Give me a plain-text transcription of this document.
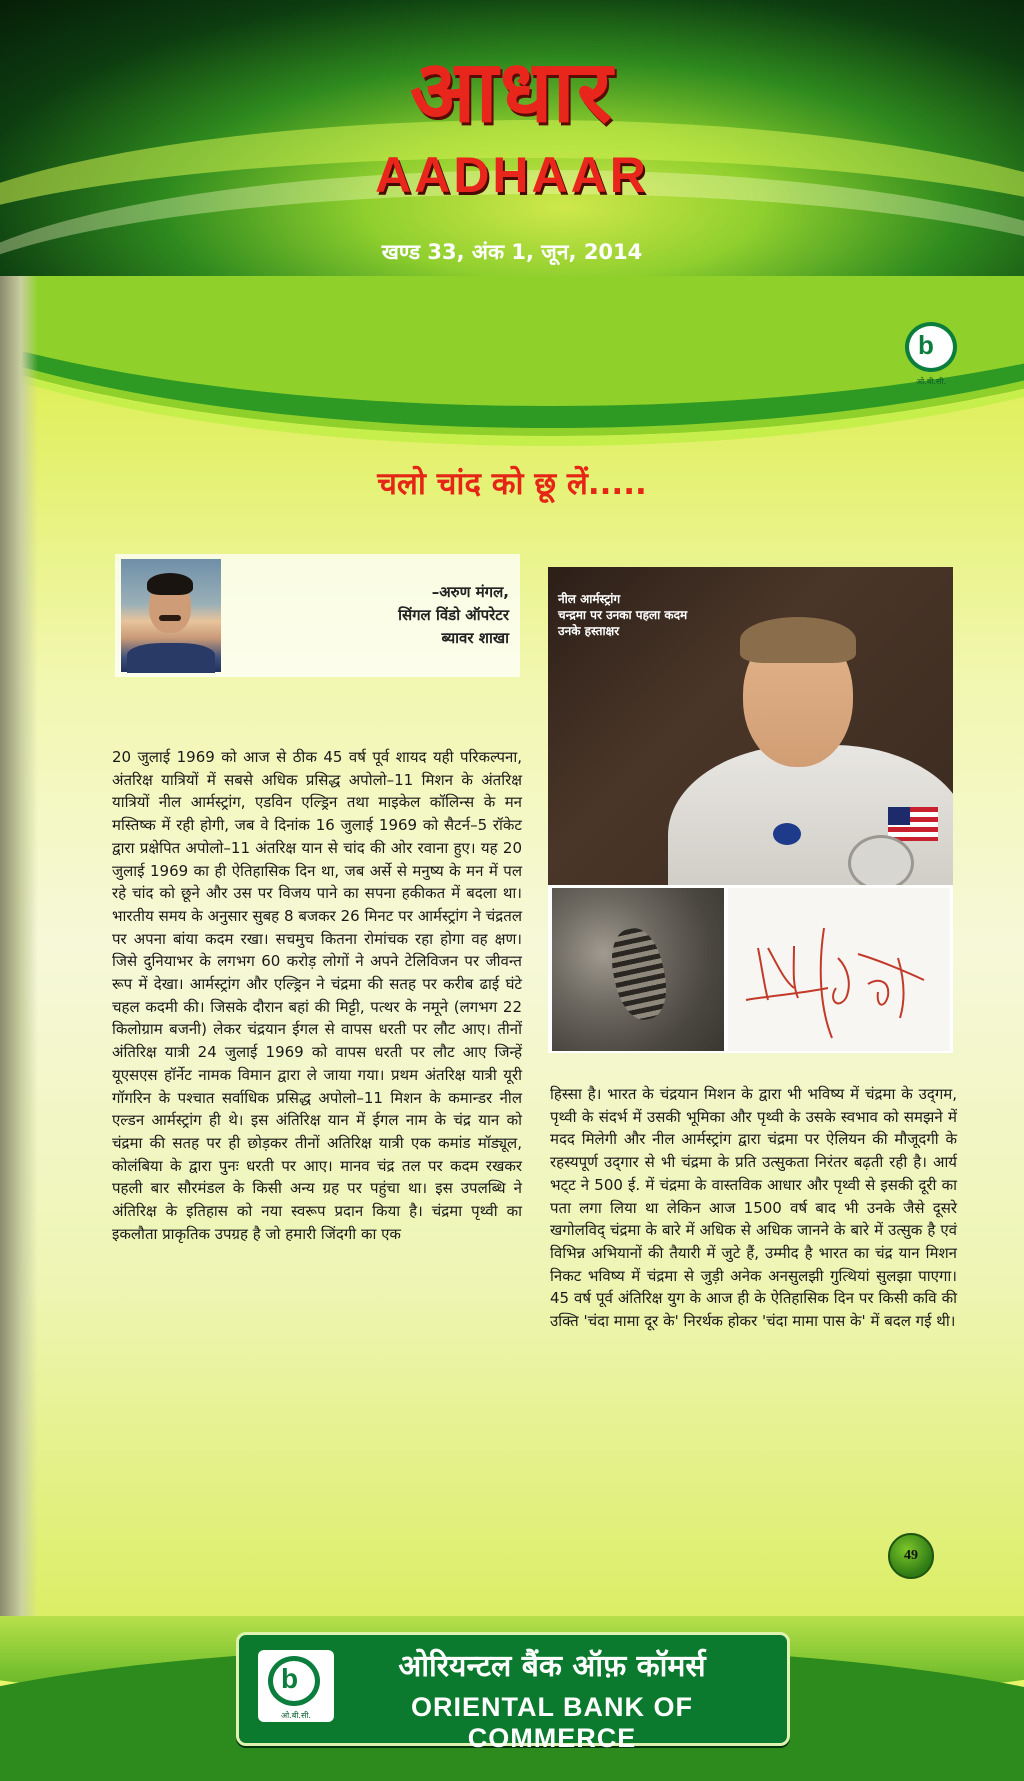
आधार
AADHAAR
खण्ड 33, अंक 1, जून, 2014
b
ओ.बी.सी.
चलो चांद को छू लें.....
–अरुण मंगल,
सिंगल विंडो ऑपरेटर
ब्यावर शाखा
नील आर्मस्ट्रांग
चन्द्रमा पर उनका पहला कदम
उनके हस्ताक्षर

20 जुलाई 1969 को आज से ठीक 45 वर्ष पूर्व शायद यही परिकल्पना, अंतरिक्ष यात्रियों में सबसे अधिक प्रसिद्ध अपोलो–11 मिशन के अंतरिक्ष यात्रियों नील आर्मस्ट्रांग, एडविन एल्ड्रिन तथा माइकेल कॉलिन्स के मन मस्तिष्क में रही होगी, जब वे दिनांक 16 जुलाई 1969 को सैटर्न–5 रॉकेट द्वारा प्रक्षेपित अपोलो–11 अंतरिक्ष यान से चांद की ओर रवाना हुए। यह 20 जुलाई 1969 का ही ऐतिहासिक दिन था, जब अर्से से मनुष्य के मन में पल रहे चांद को छूने और उस पर विजय पाने का सपना हकीकत में बदला था। भारतीय समय के अनुसार सुबह 8 बजकर 26 मिनट पर आर्मस्ट्रांग ने चंद्रतल पर अपना बांया कदम रखा। सचमुच कितना रोमांचक रहा होगा वह क्षण। जिसे दुनियाभर के लगभग 60 करोड़ लोगों ने अपने टेलिविजन पर जीवन्त रूप में देखा। आर्मस्ट्रांग और एल्ड्रिन ने चंद्रमा की सतह पर करीब ढाई घंटे चहल कदमी की। जिसके दौरान बहां की मिट्टी, पत्थर के नमूने (लगभग 22 किलोग्राम बजनी) लेकर चंद्रयान ईगल से वापस धरती पर लौट आए। तीनों अंतिरिक्ष यात्री 24 जुलाई 1969 को वापस धरती पर लौट आए जिन्हें यूएसएस हॉर्नेट नामक विमान द्वारा ले जाया गया। प्रथम अंतरिक्ष यात्री यूरी गॉगरिन के पश्चात सर्वाधिक प्रसिद्ध अपोलो–11 मिशन के कमान्डर नील एल्डन आर्मस्ट्रांग ही थे। इस अंतिरिक्ष यान में ईगल नाम के चंद्र यान को चंद्रमा की सतह पर ही छोड़कर तीनों अतिरिक्ष यात्री एक कमांड मॉड्यूल, कोलंबिया के द्वारा पुनः धरती पर आए। मानव चंद्र तल पर कदम रखकर पहली बार सौरमंडल के किसी अन्य ग्रह पर पहुंचा था। इस उपलब्धि ने अंतिरिक्ष के इतिहास को नया स्वरूप प्रदान किया है। चंद्रमा पृथ्वी का इकलौता प्राकृतिक उपग्रह है जो हमारी जिंदगी का एक

हिस्सा है। भारत के चंद्रयान मिशन के द्वारा भी भविष्य में चंद्रमा के उद्‌गम, पृथ्वी के संदर्भ में उसकी भूमिका और पृथ्वी के उसके स्वभाव को समझने में मदद मिलेगी और नील आर्मस्ट्रांग द्वारा चंद्रमा पर ऐलियन की मौजूदगी के रहस्यपूर्ण उद्‌गार से भी चंद्रमा के प्रति उत्सुकता निरंतर बढ़ती रही है। आर्य भट्‌ट ने 500 ई. में चंद्रमा के वास्तविक आधार और पृथ्वी से इसकी दूरी का पता लगा लिया था लेकिन आज 1500 वर्ष बाद भी उनके जैसे दूसरे खगोलविद् चंद्रमा के बारे में अधिक से अधिक जानने के बारे में उत्सुक है एवं विभिन्न अभियानों की तैयारी में जुटे हैं, उम्मीद है भारत का चंद्र यान मिशन निकट भविष्य में चंद्रमा से जुड़ी अनेक अनसुलझी गुत्थियां सुलझा पाएगा। 45 वर्ष पूर्व अंतिरिक्ष युग के आज ही के ऐतिहासिक दिन पर किसी कवि की उक्ति 'चंदा मामा दूर के' निरर्थक होकर 'चंदा मामा पास के' में बदल गई थी।

49
b
ओ.बी.सी.
ओरियन्टल बैंक ऑफ़ कॉमर्स
ORIENTAL BANK OF COMMERCE
